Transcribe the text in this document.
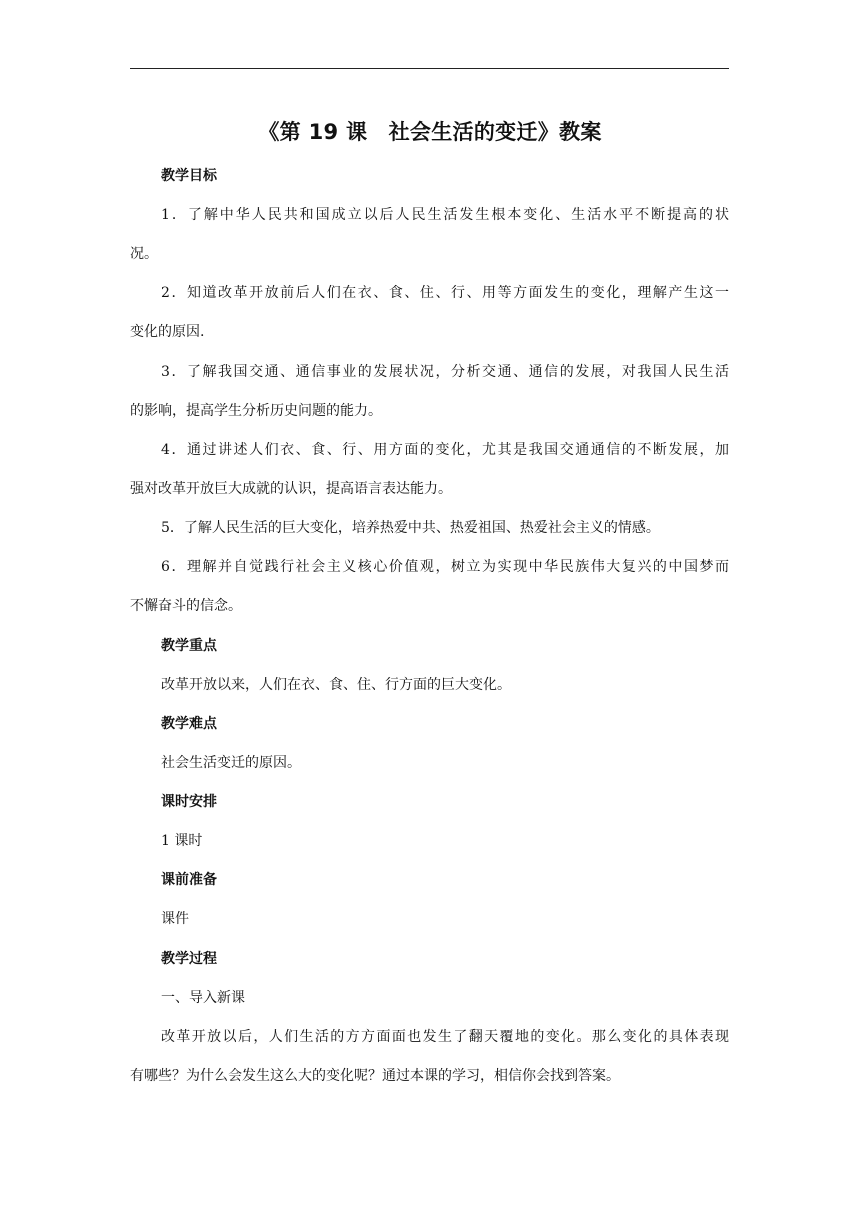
《第 19 课　社会生活的变迁》教案
教学目标
1．了解中华人民共和国成立以后人民生活发生根本变化、生活水平不断提高的状
况。
2．知道改革开放前后人们在衣、食、住、行、用等方面发生的变化，理解产生这一
变化的原因.
3．了解我国交通、通信事业的发展状况，分析交通、通信的发展，对我国人民生活
的影响，提高学生分析历史问题的能力。
4．通过讲述人们衣、食、行、用方面的变化，尤其是我国交通通信的不断发展，加
强对改革开放巨大成就的认识，提高语言表达能力。
5．了解人民生活的巨大变化，培养热爱中共、热爱祖国、热爱社会主义的情感。
6．理解并自觉践行社会主义核心价值观，树立为实现中华民族伟大复兴的中国梦而
不懈奋斗的信念。
教学重点
改革开放以来，人们在衣、食、住、行方面的巨大变化。
教学难点
社会生活变迁的原因。
课时安排
1 课时
课前准备
课件
教学过程
一、导入新课
改革开放以后，人们生活的方方面面也发生了翻天覆地的变化。那么变化的具体表现
有哪些？为什么会发生这么大的变化呢？通过本课的学习，相信你会找到答案。
